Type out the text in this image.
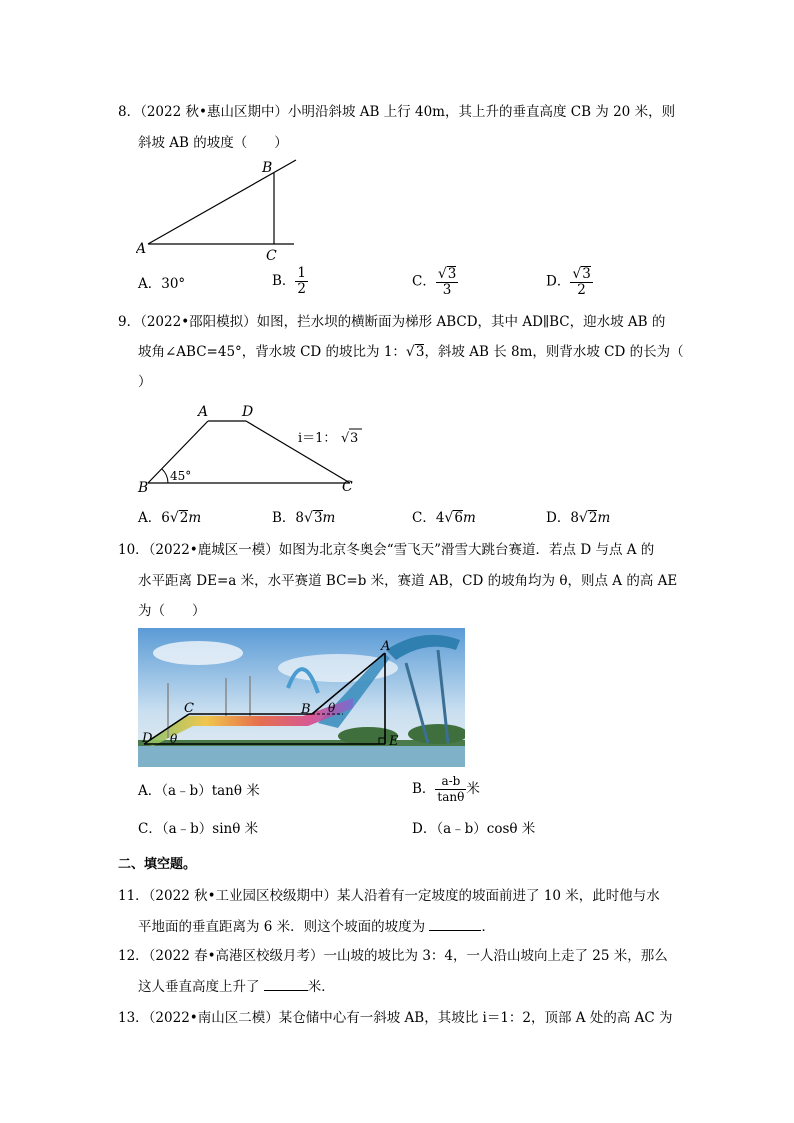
8．（2022 秋•惠山区期中）小明沿斜坡 AB 上行 40m，其上升的垂直高度 CB 为 20 米，则
斜坡 AB 的坡度（　　）
A
B
C
A．30°	B． $\frac{1}{2}$	C． $\frac{√3}{3}$	D． $\frac{√3}{2}$
9．（2022•邵阳模拟）如图，拦水坝的横断面为梯形 ABCD，其中 AD∥BC，迎水坡 AB 的
坡角∠ABC=45°，背水坡 CD 的坡比为 1：√3，斜坡 AB 长 8m，则背水坡 CD 的长为（
）
A D
B	C
45°
i＝1： √ 3
A．6√2m	B．8√3m	C．4√6m	D．8√2m
10．（2022•鹿城区一模）如图为北京冬奥会“雪飞天”滑雪大跳台赛道．若点 D 与点 A 的
水平距离 DE=a 米，水平赛道 BC=b 米，赛道 AB，CD 的坡角均为 θ，则点 A 的高 AE
为（　　）
A
B
C
D	E
θ
θ
A．（a﹣b）tanθ 米	B． $\frac{a-b}{\tan\theta}$ 米
C．（a﹣b）sinθ 米	D．（a﹣b）cosθ 米
二、填空题。
11．（2022 秋•工业园区校级期中）某人沿着有一定坡度的坡面前进了 10 米，此时他与水
平地面的垂直距离为 6 米．则这个坡面的坡度为	．
12．（2022 春•高港区校级月考）一山坡的坡比为 3：4，一人沿山坡向上走了 25 米，那么
这人垂直高度上升了	米．
13．（2022•南山区二模）某仓储中心有一斜坡 AB，其坡比 i＝1：2，顶部 A 处的高 AC 为
